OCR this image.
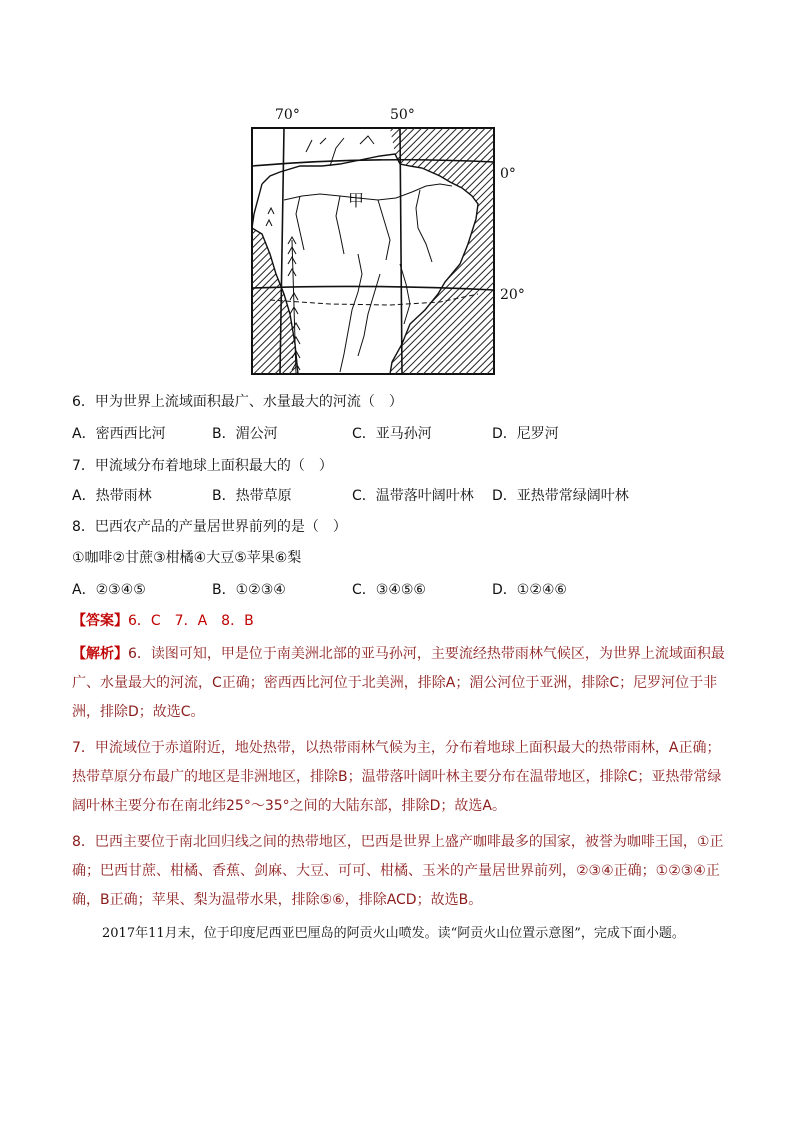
70°	50°
0°
20°
甲
6．甲为世界上流域面积最广、水量最大的河流（　）
A．密西西比河	B．湄公河	C．亚马孙河	D．尼罗河
7．甲流域分布着地球上面积最大的（　）
A．热带雨林	B．热带草原	C．温带落叶阔叶林 D．亚热带常绿阔叶林
8．巴西农产品的产量居世界前列的是（　）
①咖啡②甘蔗③柑橘④大豆⑤苹果⑥梨
A．②③④⑤	B．①②③④	C．③④⑤⑥	D．①②④⑥
【答案】6．C　7．A　8．B
【解析】6．读图可知，甲是位于南美洲北部的亚马孙河，主要流经热带雨林气候区，为世界上流域面积最广、水量最大的河流，C正确；密西西比河位于北美洲，排除A；湄公河位于亚洲，排除C；尼罗河位于非洲，排除D；故选C。
7．甲流域位于赤道附近，地处热带，以热带雨林气候为主，分布着地球上面积最大的热带雨林，A正确；热带草原分布最广的地区是非洲地区，排除B；温带落叶阔叶林主要分布在温带地区，排除C；亚热带常绿阔叶林主要分布在南北纬25°～35°之间的大陆东部，排除D；故选A。
8．巴西主要位于南北回归线之间的热带地区，巴西是世界上盛产咖啡最多的国家，被誉为咖啡王国，①正确；巴西甘蔗、柑橘、香蕉、剑麻、大豆、可可、柑橘、玉米的产量居世界前列，②③④正确；①②③④正确，B正确；苹果、梨为温带水果，排除⑤⑥，排除ACD；故选B。
2017年11月末，位于印度尼西亚巴厘岛的阿贡火山喷发。读“阿贡火山位置示意图”，完成下面小题。
